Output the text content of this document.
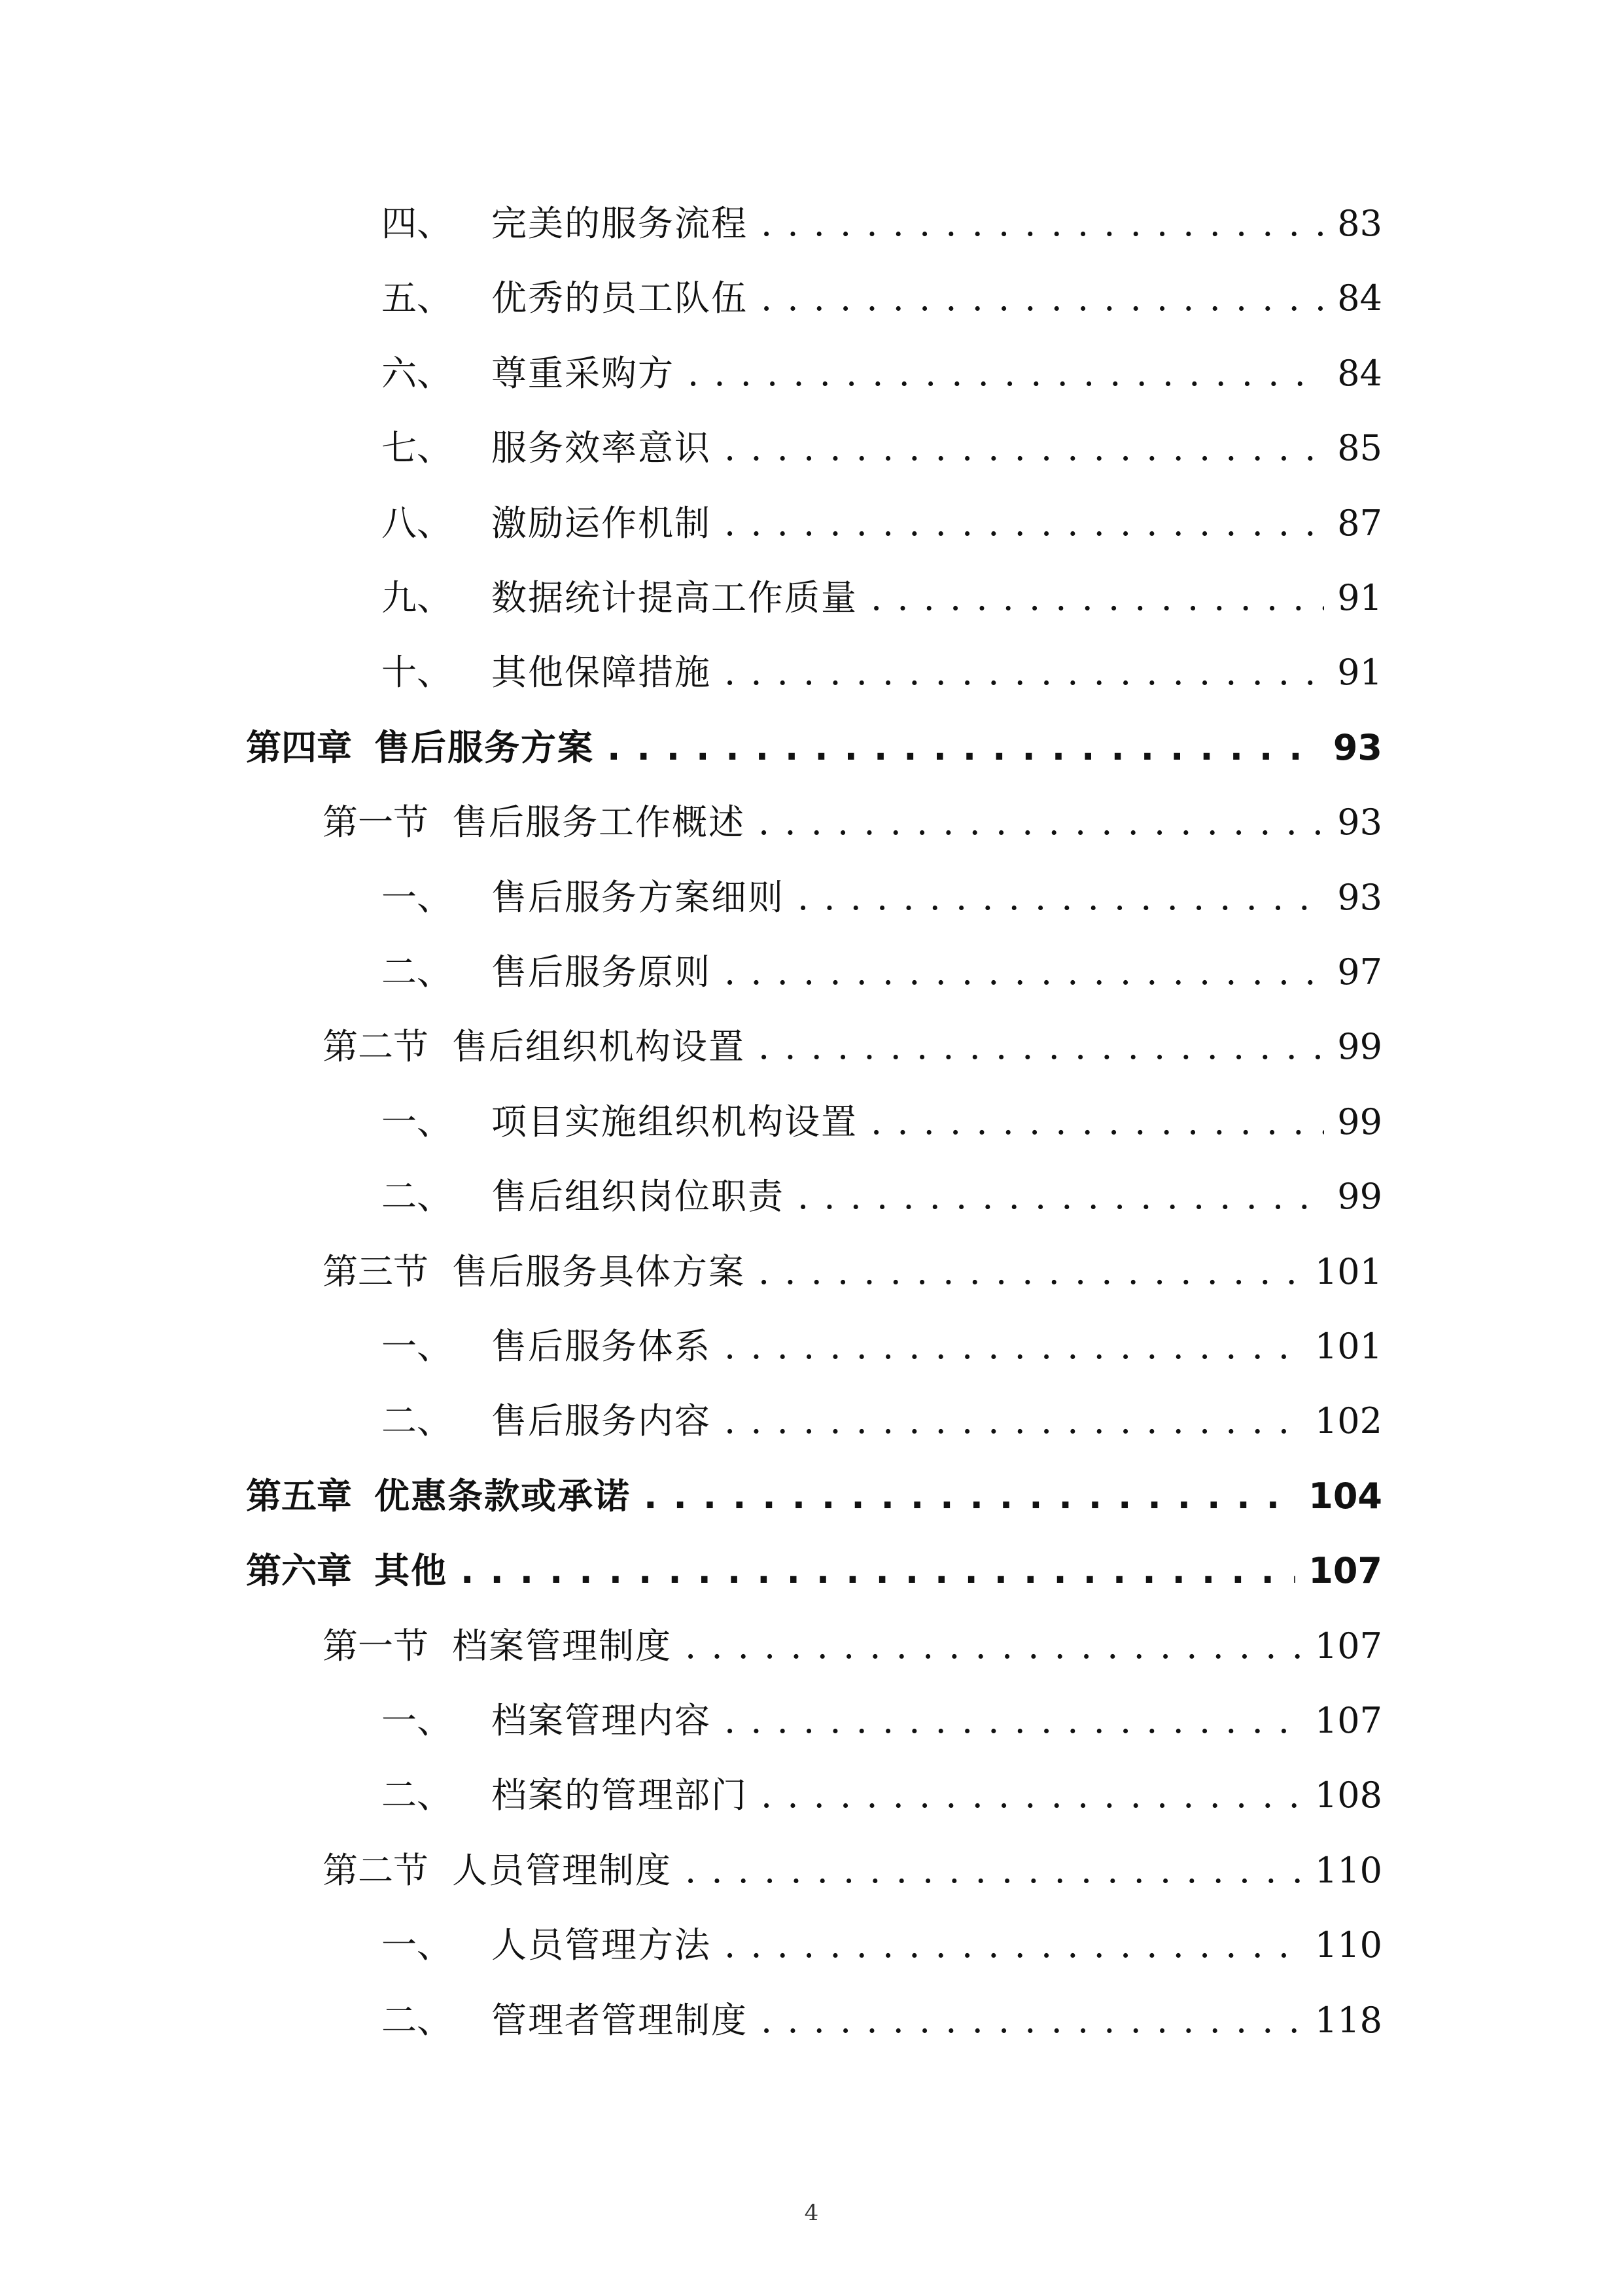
四、 完美的服务流程 . . .	83
五、 优秀的员工队伍 . . .	84
六、 尊重采购方 . . .	84
七、 服务效率意识 . . .	85
八、 激励运作机制 . . .	87
九、 数据统计提高工作质量 . . .	91
十、 其他保障措施 . . .	91
第四章 售后服务方案 . . .	93
第一节 售后服务工作概述 . . .	93
一、 售后服务方案细则 . . .	93
二、 售后服务原则 . . .	97
第二节 售后组织机构设置 . . .	99
一、 项目实施组织机构设置 . . .	99
二、 售后组织岗位职责 . . .	99
第三节 售后服务具体方案 . . .	101
一、 售后服务体系 . . .	101
二、 售后服务内容 . . .	102
第五章 优惠条款或承诺 . . .	104
第六章 其他 . . .	107
第一节 档案管理制度 . . .	107
一、 档案管理内容 . . .	107
二、 档案的管理部门 . . .	108
第二节 人员管理制度 . . .	110
一、 人员管理方法 . . .	110
二、 管理者管理制度 . . .	118
4
